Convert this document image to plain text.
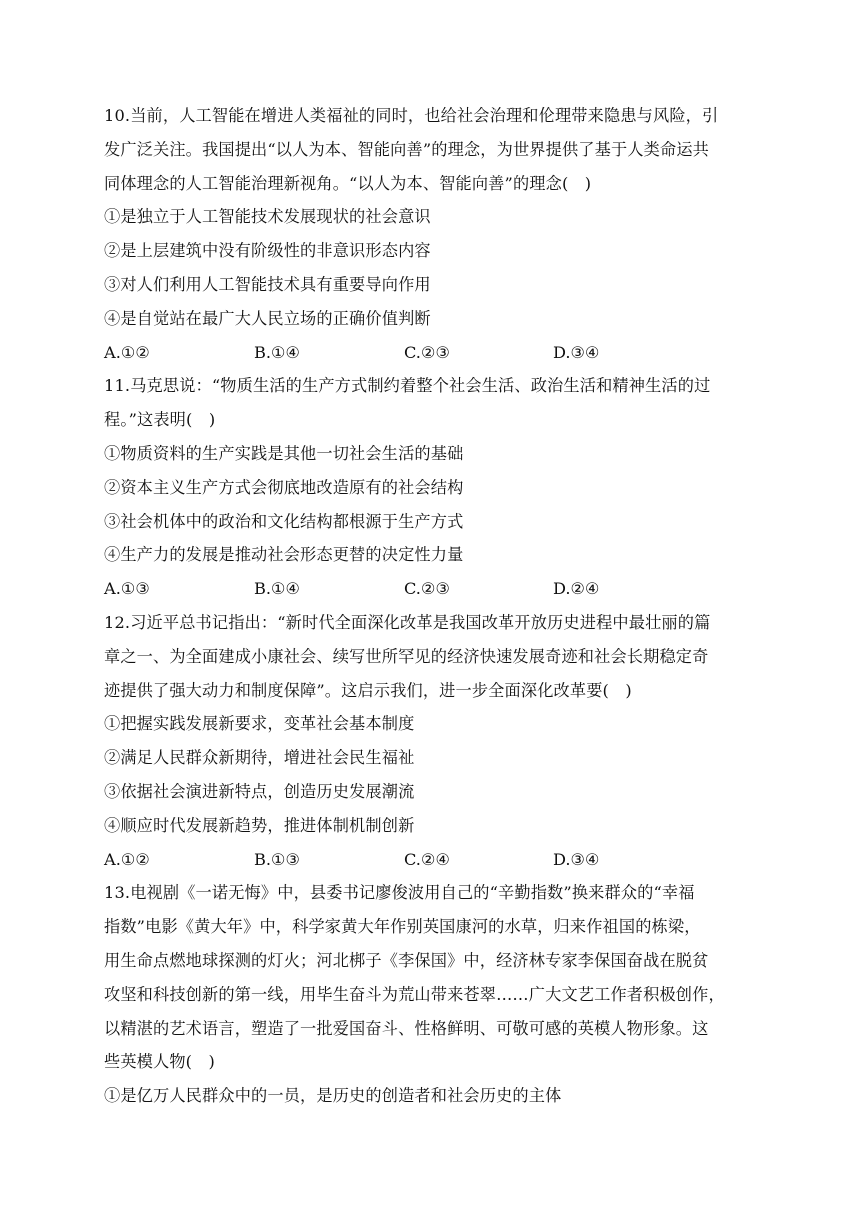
10.当前，人工智能在增进人类福祉的同时，也给社会治理和伦理带来隐患与风险，引
发广泛关注。我国提出“以人为本、智能向善”的理念，为世界提供了基于人类命运共
同体理念的人工智能治理新视角。“以人为本、智能向善”的理念(　)
①是独立于人工智能技术发展现状的社会意识
②是上层建筑中没有阶级性的非意识形态内容
③对人们利用人工智能技术具有重要导向作用
④是自觉站在最广大人民立场的正确价值判断
A.①②	B.①④	C.②③	D.③④
11.马克思说：“物质生活的生产方式制约着整个社会生活、政治生活和精神生活的过
程。”这表明(　)
①物质资料的生产实践是其他一切社会生活的基础
②资本主义生产方式会彻底地改造原有的社会结构
③社会机体中的政治和文化结构都根源于生产方式
④生产力的发展是推动社会形态更替的决定性力量
A.①③	B.①④	C.②③	D.②④
12.习近平总书记指出：“新时代全面深化改革是我国改革开放历史进程中最壮丽的篇
章之一、为全面建成小康社会、续写世所罕见的经济快速发展奇迹和社会长期稳定奇
迹提供了强大动力和制度保障”。这启示我们，进一步全面深化改革要(　)
①把握实践发展新要求，变革社会基本制度
②满足人民群众新期待，增进社会民生福祉
③依据社会演进新特点，创造历史发展潮流
④顺应时代发展新趋势，推进体制机制创新
A.①②	B.①③	C.②④	D.③④
13.电视剧《一诺无悔》中，县委书记廖俊波用自己的“辛勤指数”换来群众的“幸福
指数”电影《黄大年》中，科学家黄大年作别英国康河的水草，归来作祖国的栋梁，
用生命点燃地球探测的灯火；河北梆子《李保国》中，经济林专家李保国奋战在脱贫
攻坚和科技创新的第一线，用毕生奋斗为荒山带来苍翠……广大文艺工作者积极创作，
以精湛的艺术语言，塑造了一批爱国奋斗、性格鲜明、可敬可感的英模人物形象。这
些英模人物(　)
①是亿万人民群众中的一员，是历史的创造者和社会历史的主体
